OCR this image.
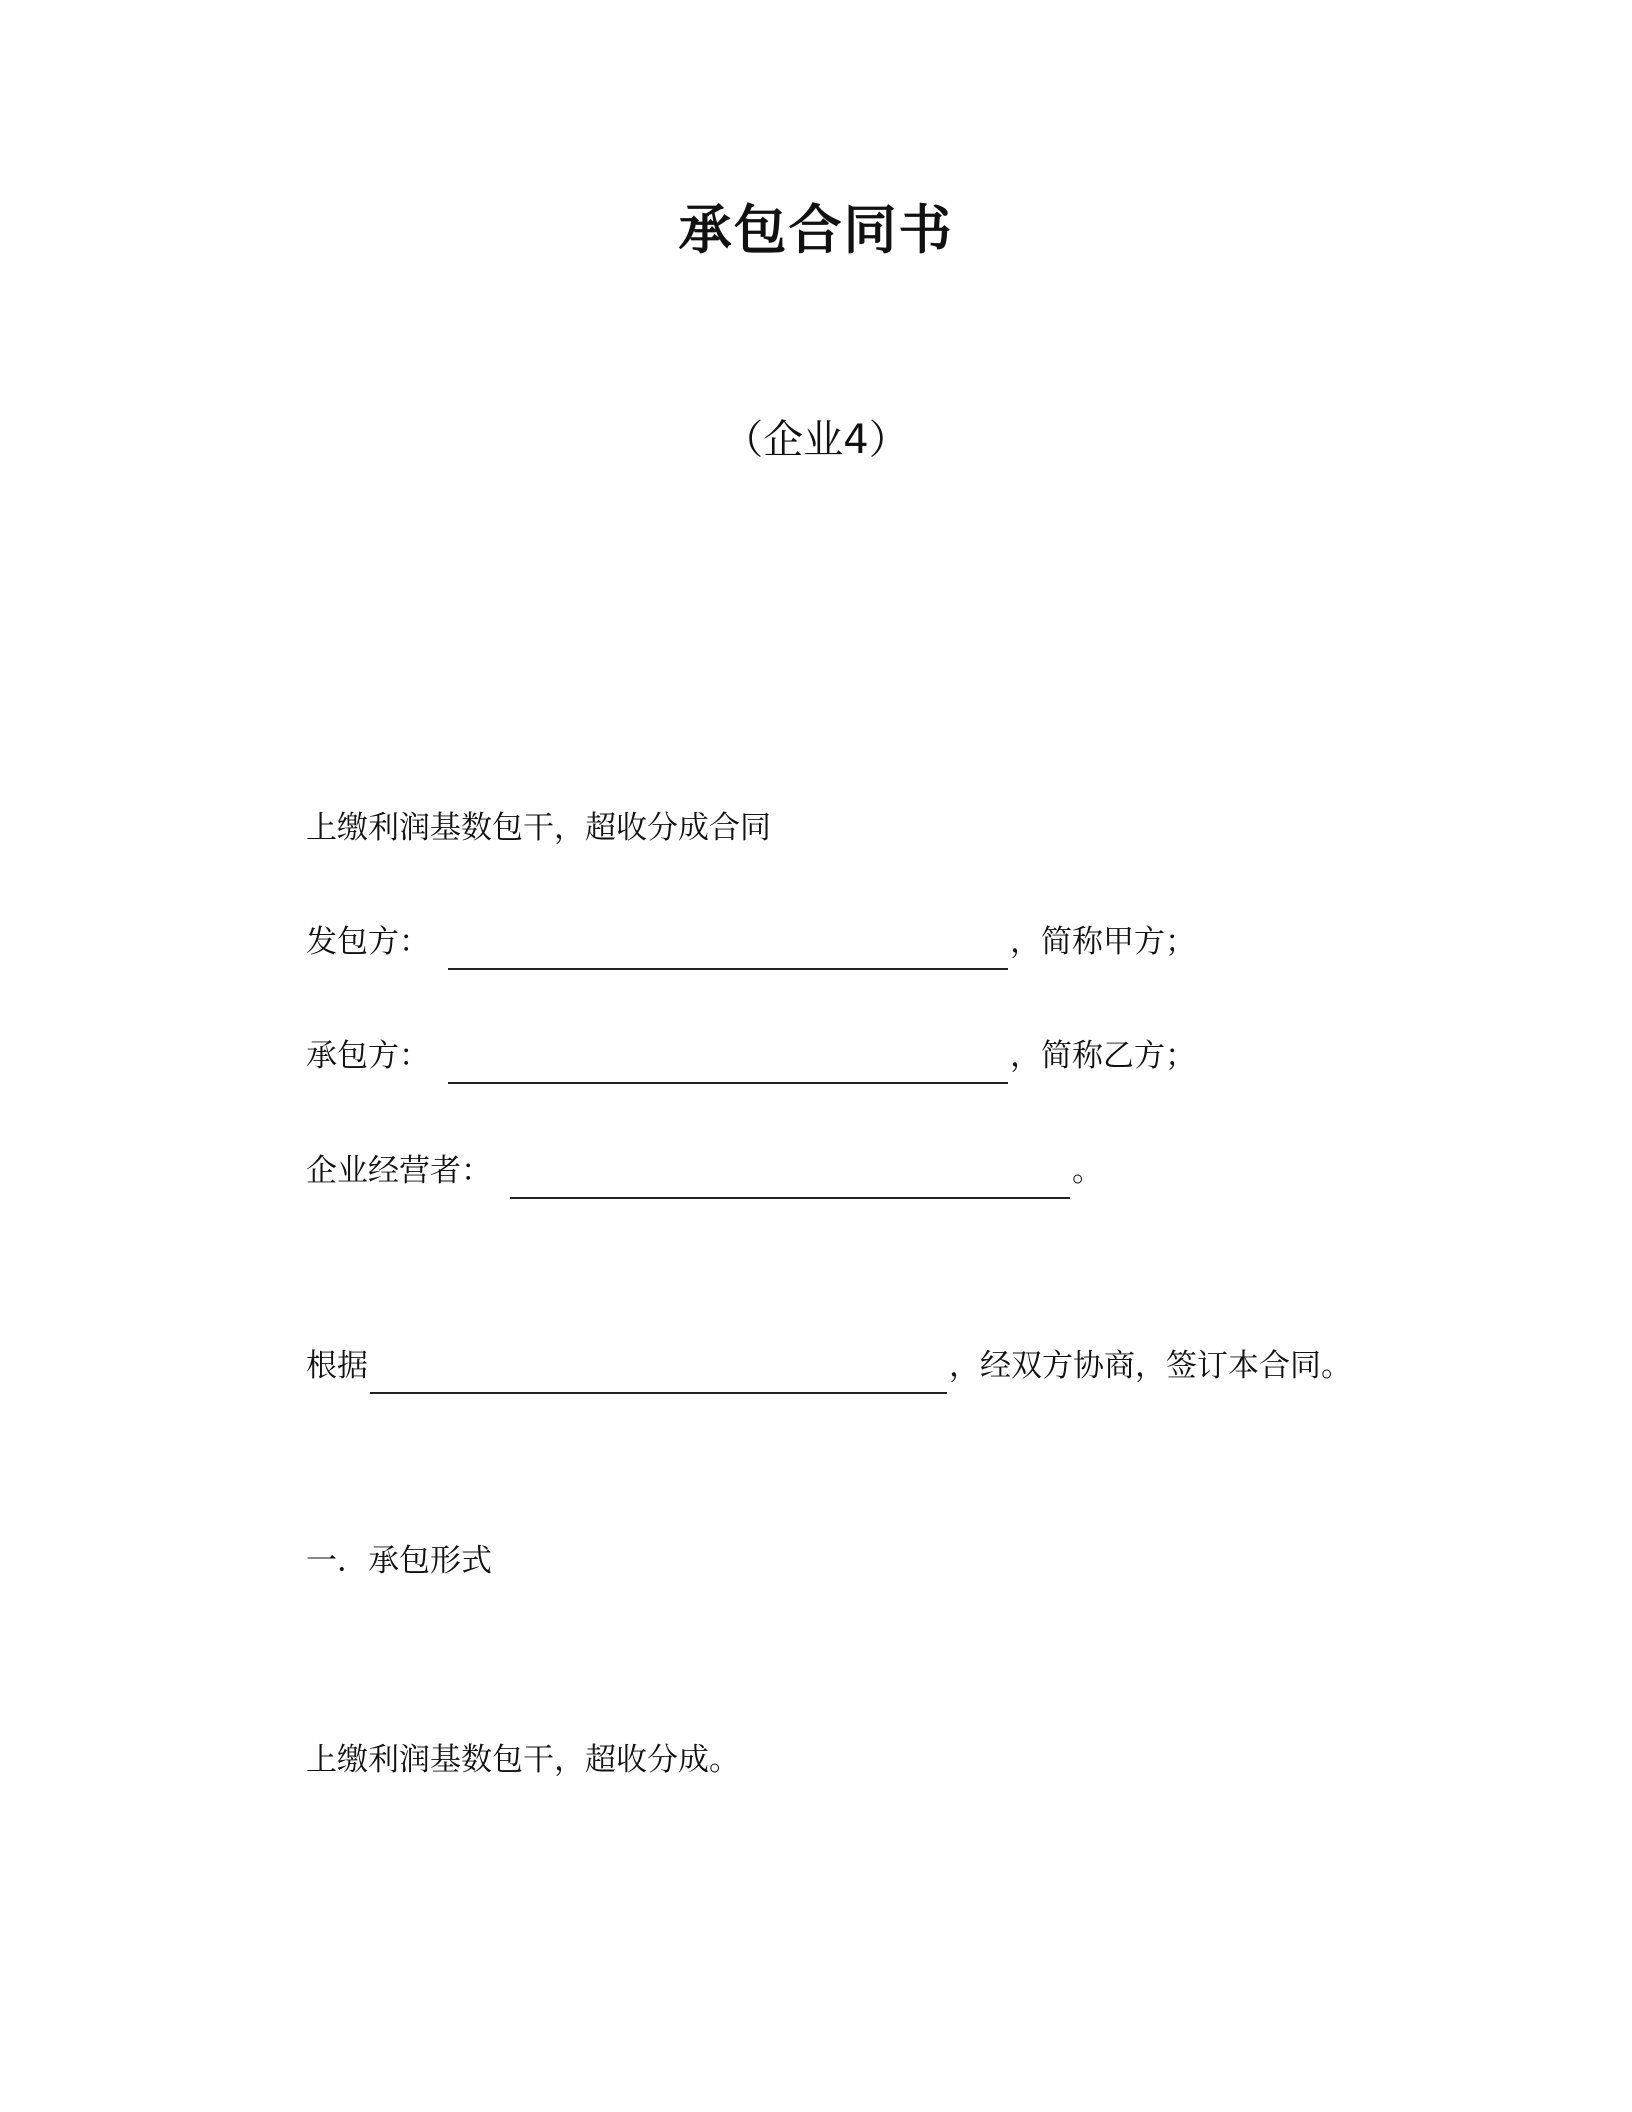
承包合同书
（企业4）
上缴利润基数包干，超收分成合同
发包方：	，简称甲方；
承包方：	，简称乙方；
企业经营者：	。
根据	，经双方协商，签订本合同。
一．承包形式
上缴利润基数包干，超收分成。
